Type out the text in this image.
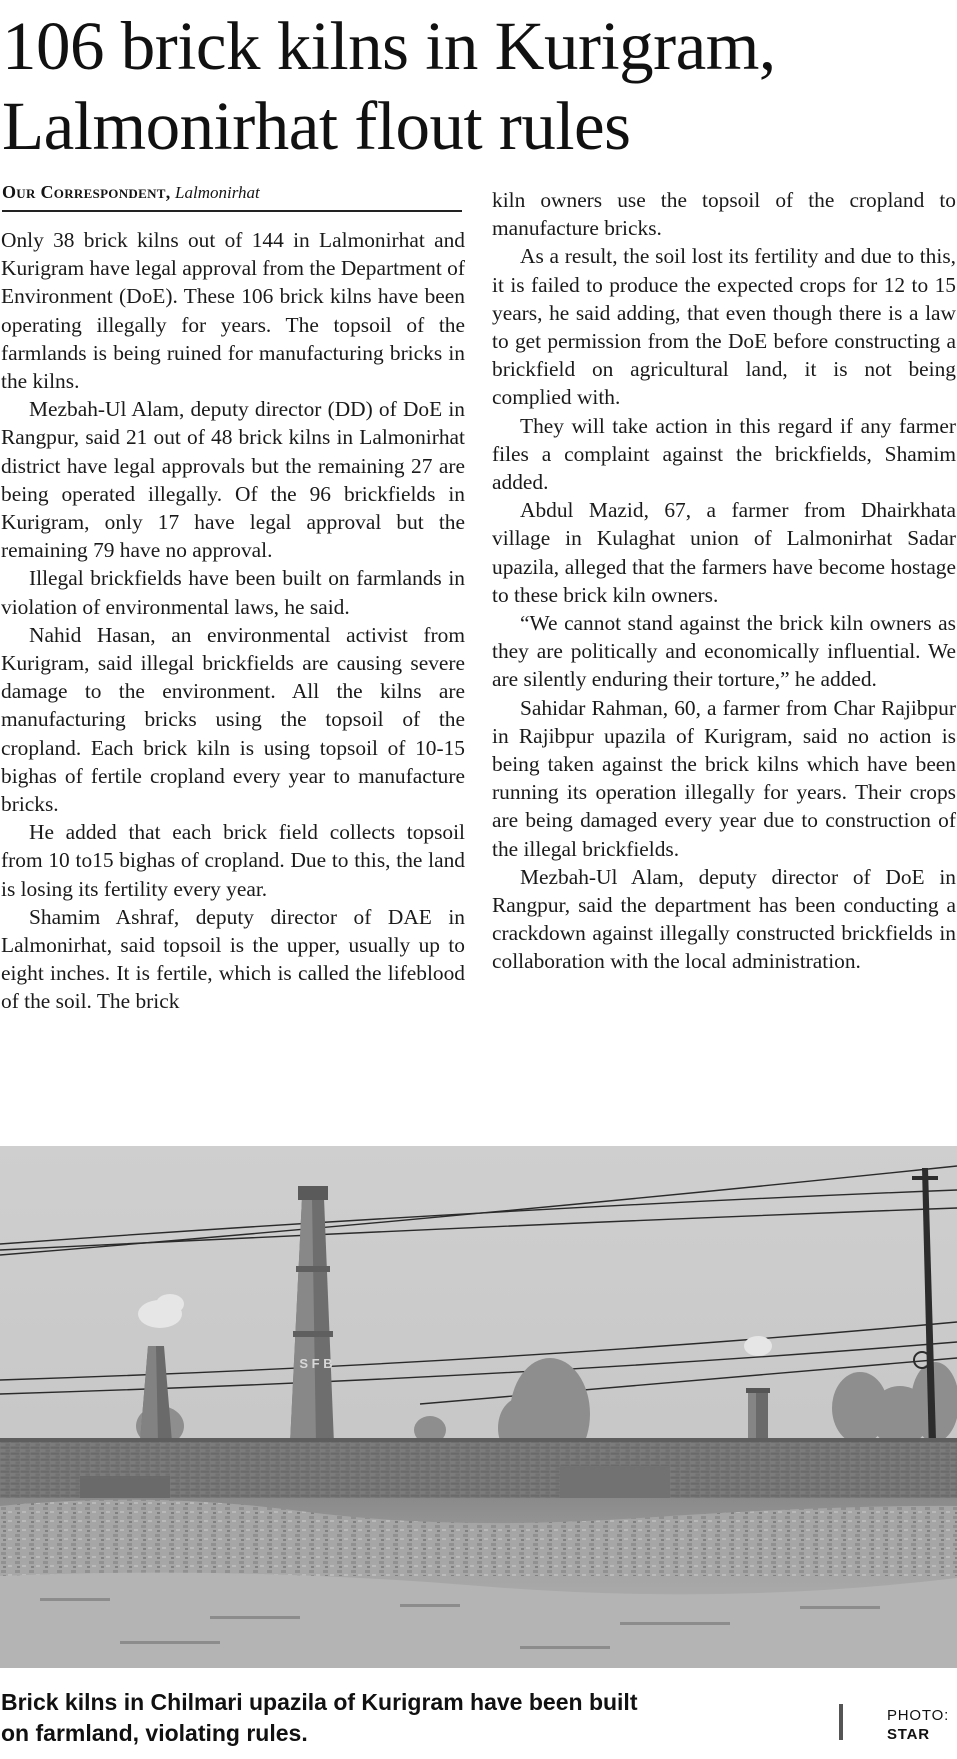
106 brick kilns in Kurigram,
Lalmonirhat flout rules
Our Correspondent, Lalmonirhat

Only 38 brick kilns out of 144 in Lalmonirhat and Kurigram have legal approval from the Department of Environment (DoE). These 106 brick kilns have been operating illegally for years. The topsoil of the farmlands is being ruined for manufacturing bricks in the kilns.

Mezbah-Ul Alam, deputy director (DD) of DoE in Rangpur, said 21 out of 48 brick kilns in Lalmonirhat district have legal approvals but the remaining 27 are being operated illegally. Of the 96 brickfields in Kurigram, only 17 have legal approval but the remaining 79 have no approval.

Illegal brickfields have been built on farmlands in violation of environmental laws, he said.

Nahid Hasan, an environmental activist from Kurigram, said illegal brickfields are causing severe damage to the environment. All the kilns are manufacturing bricks using the topsoil of the cropland. Each brick kiln is using topsoil of 10-15 bighas of fertile cropland every year to manufacture bricks.

He added that each brick field collects topsoil from 10 to15 bighas of cropland. Due to this, the land is losing its fertility every year.

Shamim Ashraf, deputy director of DAE in Lalmonirhat, said topsoil is the upper, usually up to eight inches. It is fertile, which is called the lifeblood of the soil. The brick

kiln owners use the topsoil of the cropland to manufacture bricks.

As a result, the soil lost its fertility and due to this, it is failed to produce the expected crops for 12 to 15 years, he said adding, that even though there is a law to get permission from the DoE before constructing a brickfield on agricultural land, it is not being complied with.

They will take action in this regard if any farmer files a complaint against the brickfields, Shamim added.

Abdul Mazid, 67, a farmer from Dhairkhata village in Kulaghat union of Lalmonirhat Sadar upazila, alleged that the farmers have become hostage to these brick kiln owners.

“We cannot stand against the brick kiln owners as they are politically and economically influential. We are silently enduring their torture,” he added.

Sahidar Rahman, 60, a farmer from Char Rajibpur in Rajibpur upazila of Kurigram, said no action is being taken against the brick kilns which have been running its operation illegally for years. Their crops are being damaged every year due to construction of the illegal brickfields.

Mezbah-Ul Alam, deputy director of DoE in Rangpur, said the department has been conducting a crackdown against illegally constructed brickfields in collaboration with the local administration.

S F B
Brick kilns in Chilmari upazila of Kurigram have been built
on farmland, violating rules.
PHOTO:
STAR
